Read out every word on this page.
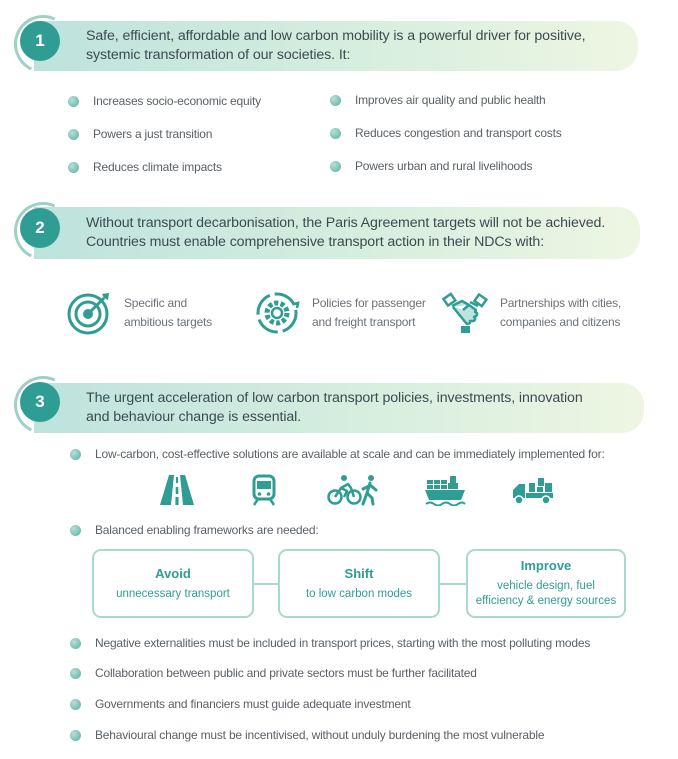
Safe, efficient, affordable and low carbon mobility is a powerful driver for positive,
systemic transformation of our societies. It:
1
Increases socio-economic equity
Powers a just transition
Reduces climate impacts
Improves air quality and public health
Reduces congestion and transport costs
Powers urban and rural livelihoods
Without transport decarbonisation, the Paris Agreement targets will not be achieved.
Countries must enable comprehensive transport action in their NDCs with:
2
Specific and
ambitious targets
Policies for passenger
and freight transport
Partnerships with cities,
companies and citizens
The urgent acceleration of low carbon transport policies, investments, innovation
and behaviour change is essential.
3
Low-carbon, cost-effective solutions are available at scale and can be immediately implemented for:
Balanced enabling frameworks are needed:
Avoid
unnecessary transport
Shift
to low carbon modes
Improve
vehicle design, fuel
efficiency & energy sources
Negative externalities must be included in transport prices, starting with the most polluting modes
Collaboration between public and private sectors must be further facilitated
Governments and financiers must guide adequate investment
Behavioural change must be incentivised, without unduly burdening the most vulnerable
